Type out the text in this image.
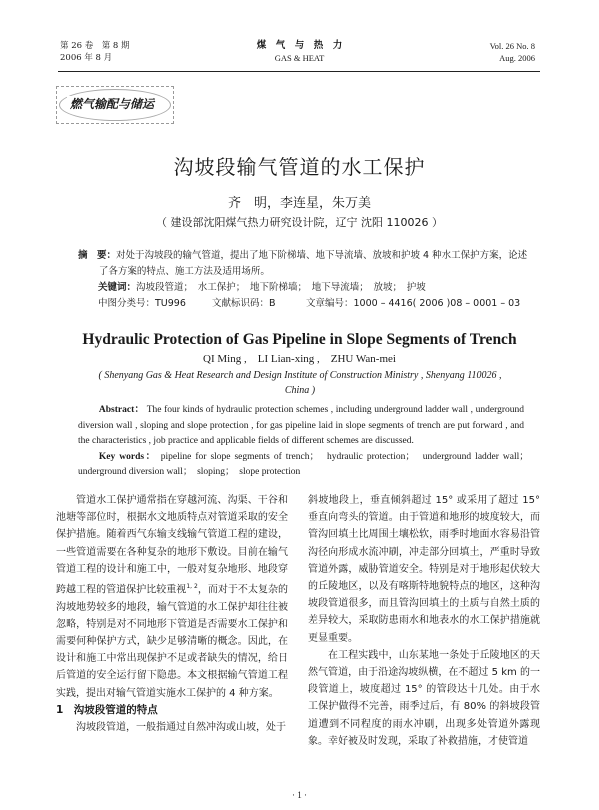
第 26 卷　第 8 期
2006 年 8 月
煤　气　与　热　力
GAS & HEAT
Vol. 26 No. 8
Aug. 2006
燃气输配与储运
沟坡段输气管道的水工保护
齐　明，李连星，朱万美
（ 建设部沈阳煤气热力研究设计院，辽宁 沈阳 110026 ）
摘　要：对处于沟坡段的输气管道，提出了地下阶梯墙、地下导流墙、放坡和护坡 4 种水工保护方案，论述了各方案的特点、施工方法及适用场所。
关键词：沟坡段管道；　水工保护；　地下阶梯墙；　地下导流墙；　放坡；　护坡
中图分类号：TU996	文献标识码：B	文章编号：1000 – 4416( 2006 )08 – 0001 – 03
Hydraulic Protection of Gas Pipeline in Slope Segments of Trench
QI Ming ,　LI Lian-xing ,　ZHU Wan-mei
( Shenyang Gas & Heat Research and Design Institute of Construction Ministry , Shenyang 110026 , China )
Abstract： The four kinds of hydraulic protection schemes , including underground ladder wall , underground diversion wall , sloping and slope protection , for gas pipeline laid in slope segments of trench are put forward , and the characteristics , job practice and applicable fields of different schemes are discussed.
Key words： pipeline for slope segments of trench；　hydraulic protection；　underground ladder wall；　underground diversion wall；　sloping；　slope protection

管道水工保护通常指在穿越河流、沟渠、干谷和池塘等部位时，根据水文地质特点对管道采取的安全保护措施。随着西气东输支线输气管道工程的建设，一些管道需要在各种复杂的地形下敷设。目前在输气管道工程的设计和施工中，一般对复杂地形、地段穿跨越工程的管道保护比较重视$^{1, 2}$，而对于不太复杂的沟坡地势较多的地段，输气管道的水工保护却往往被忽略，特别是对不同地形下管道是否需要水工保护和需要何种保护方式，缺少足够清晰的概念。因此，在设计和施工中常出现保护不足或者缺失的情况，给日后管道的安全运行留下隐患。本文根据输气管道工程实践，提出对输气管道实施水工保护的 4 种方案。

1　沟坡段管道的特点

沟坡段管道，一般指通过自然冲沟或山坡，处于

斜坡地段上，垂直倾斜超过 15° 或采用了超过 15° 垂直向弯头的管道。由于管道和地形的坡度较大，而管沟回填土比周围土壤松软，雨季时地面水容易沿管沟径向形成水流冲刷，冲走部分回填土，严重时导致管道外露，威胁管道安全。特别是对于地形起伏较大的丘陵地区，以及有喀斯特地貌特点的地区，这种沟坡段管道很多，而且管沟回填土的土质与自然土质的差异较大，采取防患雨水和地表水的水工保护措施就更显重要。

在工程实践中，山东某地一条处于丘陵地区的天然气管道，由于沿途沟坡纵横，在不超过 5 km 的一段管道上，坡度超过 15° 的管段达十几处。由于水工保护做得不完善，雨季过后，有 80% 的斜坡段管道遭到不同程度的雨水冲刷，出现多处管道外露现象。幸好被及时发现，采取了补救措施，才使管道

· 1 ·
